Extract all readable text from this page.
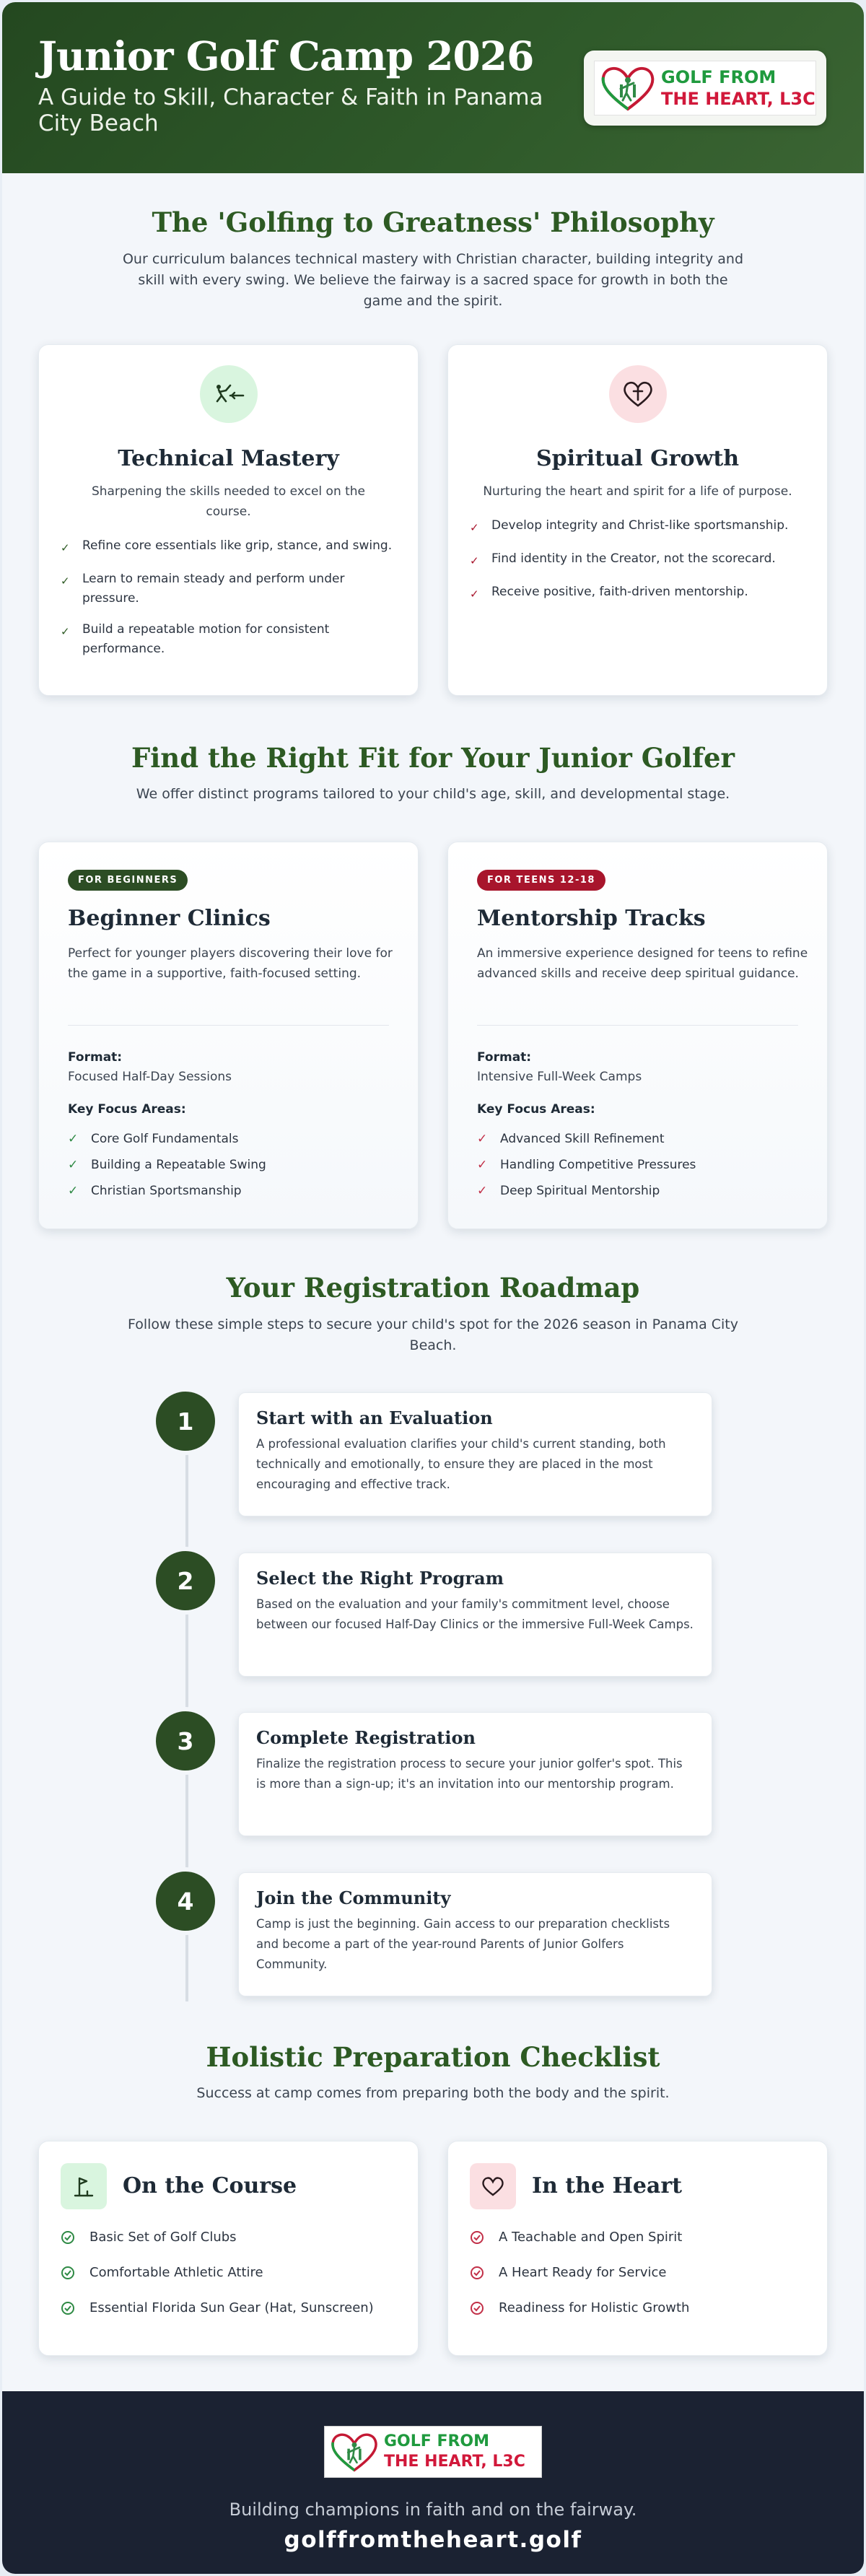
Junior Golf Camp 2026

A Guide to Skill, Character & Faith in Panama City Beach

GOLF FROM
THE HEART, L3C
The 'Golfing to Greatness' Philosophy

Our curriculum balances technical mastery with Christian character, building integrity and skill with every swing. We believe the fairway is a sacred space for growth in both the game and the spirit.

Technical Mastery
Sharpening the skills needed to excel on the course.
✓	Refine core essentials like grip, stance, and swing.
✓	Learn to remain steady and perform under pressure.
✓	Build a repeatable motion for consistent performance.
Spiritual Growth
Nurturing the heart and spirit for a life of purpose.
✓	Develop integrity and Christ-like sportsmanship.
✓	Find identity in the Creator, not the scorecard.
✓	Receive positive, faith-driven mentorship.
Find the Right Fit for Your Junior Golfer

We offer distinct programs tailored to your child's age, skill, and developmental stage.

FOR BEGINNERS
Beginner Clinics
Perfect for younger players discovering their love for the game in a supportive, faith-focused setting.
Format:
Focused Half-Day Sessions
Key Focus Areas:
✓	Core Golf Fundamentals
✓	Building a Repeatable Swing
✓	Christian Sportsmanship
FOR TEENS 12-18
Mentorship Tracks
An immersive experience designed for teens to refine advanced skills and receive deep spiritual guidance.
Format:
Intensive Full-Week Camps
Key Focus Areas:
✓	Advanced Skill Refinement
✓	Handling Competitive Pressures
✓	Deep Spiritual Mentorship
Your Registration Roadmap

Follow these simple steps to secure your child's spot for the 2026 season in Panama City Beach.

1	Start with an Evaluation
A professional evaluation clarifies your child's current standing, both technically and emotionally, to ensure they are placed in the most encouraging and effective track.
2	Select the Right Program
Based on the evaluation and your family's commitment level, choose between our focused Half-Day Clinics or the immersive Full-Week Camps.
3	Complete Registration
Finalize the registration process to secure your junior golfer's spot. This is more than a sign-up; it's an invitation into our mentorship program.
4	Join the Community
Camp is just the beginning. Gain access to our preparation checklists and become a part of the year-round Parents of Junior Golfers Community.
Holistic Preparation Checklist

Success at camp comes from preparing both the body and the spirit.

On the Course
Basic Set of Golf Clubs
Comfortable Athletic Attire
Essential Florida Sun Gear (Hat, Sunscreen)
In the Heart
A Teachable and Open Spirit
A Heart Ready for Service
Readiness for Holistic Growth
GOLF FROM
THE HEART, L3C
Building champions in faith and on the fairway.
golffromtheheart.golf
